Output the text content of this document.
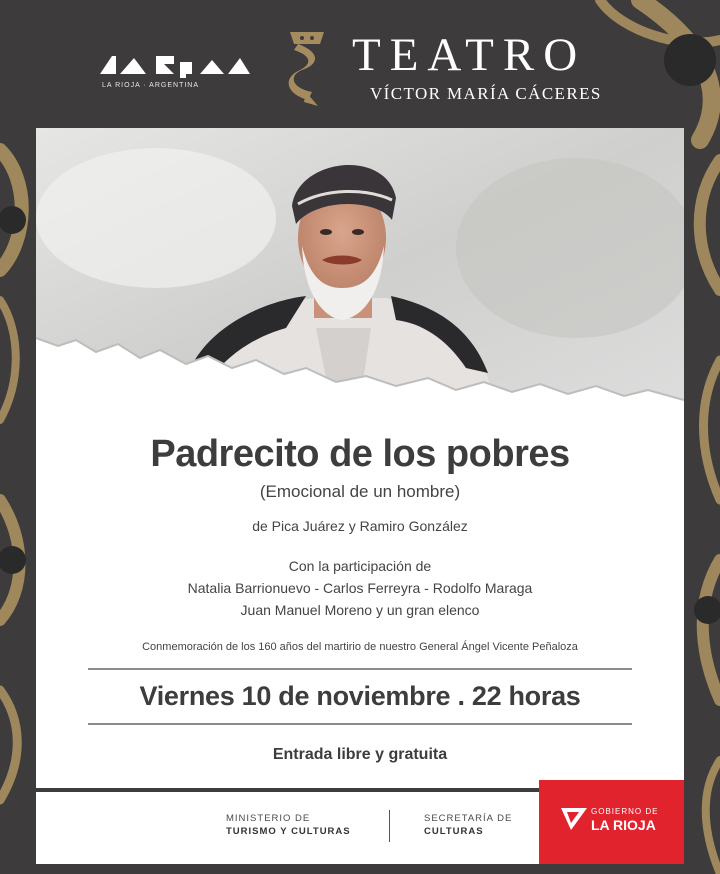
LA RIOJA · ARGENTINA
TEATRO
VÍCTOR MARÍA CÁCERES
Padrecito de los pobres
(Emocional de un hombre)
de Pica Juárez y Ramiro González
Con la participación de
Natalia Barrionuevo - Carlos Ferreyra - Rodolfo Maraga
Juan Manuel Moreno y un gran elenco
Conmemoración de los 160 años del martirio de nuestro General Ángel Vicente Peñaloza
Viernes 10 de noviembre . 22 horas
Entrada libre y gratuita
MINISTERIO DE
TURISMO Y CULTURAS
SECRETARÍA DE
CULTURAS
GOBIERNO DE
LA RIOJA
